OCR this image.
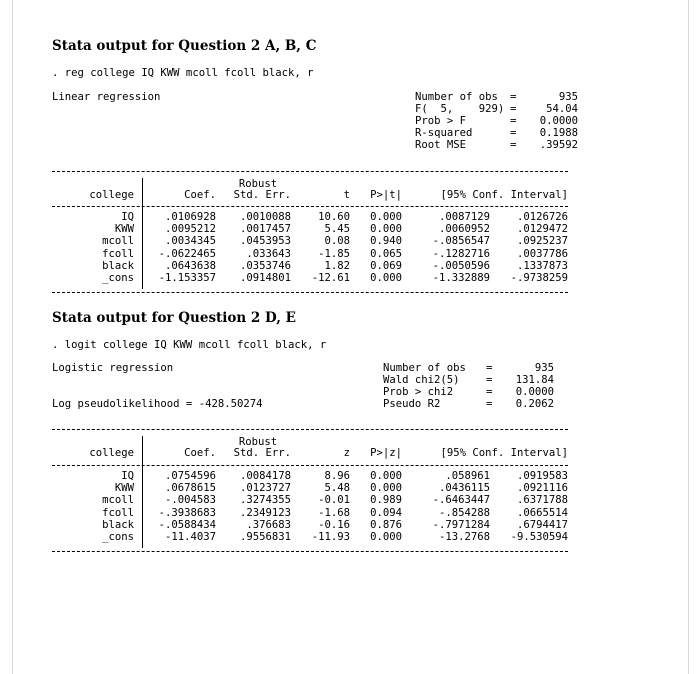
Stata output for Question 2 A, B, C
. reg college IQ KWW mcoll fcoll black, r
Linear regression	Number of obs	=	935
F(  5,    929) =	54.04
Prob > F	=	0.0000
R-squared	=	0.1988
Root MSE	=	.39592
Robust
college	Coef.	Std. Err.	t	P>|t|	[95% Conf. Interval]
IQ	.0106928	.0010088	10.60	0.000	.0087129	.0126726
KWW	.0095212	.0017457	5.45	0.000	.0060952	.0129472
mcoll	.0034345	.0453953	0.08	0.940	-.0856547	.0925237
fcoll	-.0622465	.033643	-1.85	0.065	-.1282716	.0037786
black	.0643638	.0353746	1.82	0.069	-.0050596	.1337873
_cons	-1.153357	.0914801	-12.61	0.000	-1.332889	-.9738259
Stata output for Question 2 D, E
. logit college IQ KWW mcoll fcoll black, r
Logistic regression
Log pseudolikelihood = -428.50274
Number of obs	=	935
Wald chi2(5)	=	131.84
Prob > chi2	=	0.0000
Pseudo R2	=	0.2062
Robust
college	Coef.	Std. Err.	z	P>|z|	[95% Conf. Interval]
IQ	.0754596	.0084178	8.96	0.000	.058961	.0919583
KWW	.0678615	.0123727	5.48	0.000	.0436115	.0921116
mcoll	-.004583	.3274355	-0.01	0.989	-.6463447	.6371788
fcoll	-.3938683	.2349123	-1.68	0.094	-.854288	.0665514
black	-.0588434	.376683	-0.16	0.876	-.7971284	.6794417
_cons	-11.4037	.9556831	-11.93	0.000	-13.2768	-9.530594
